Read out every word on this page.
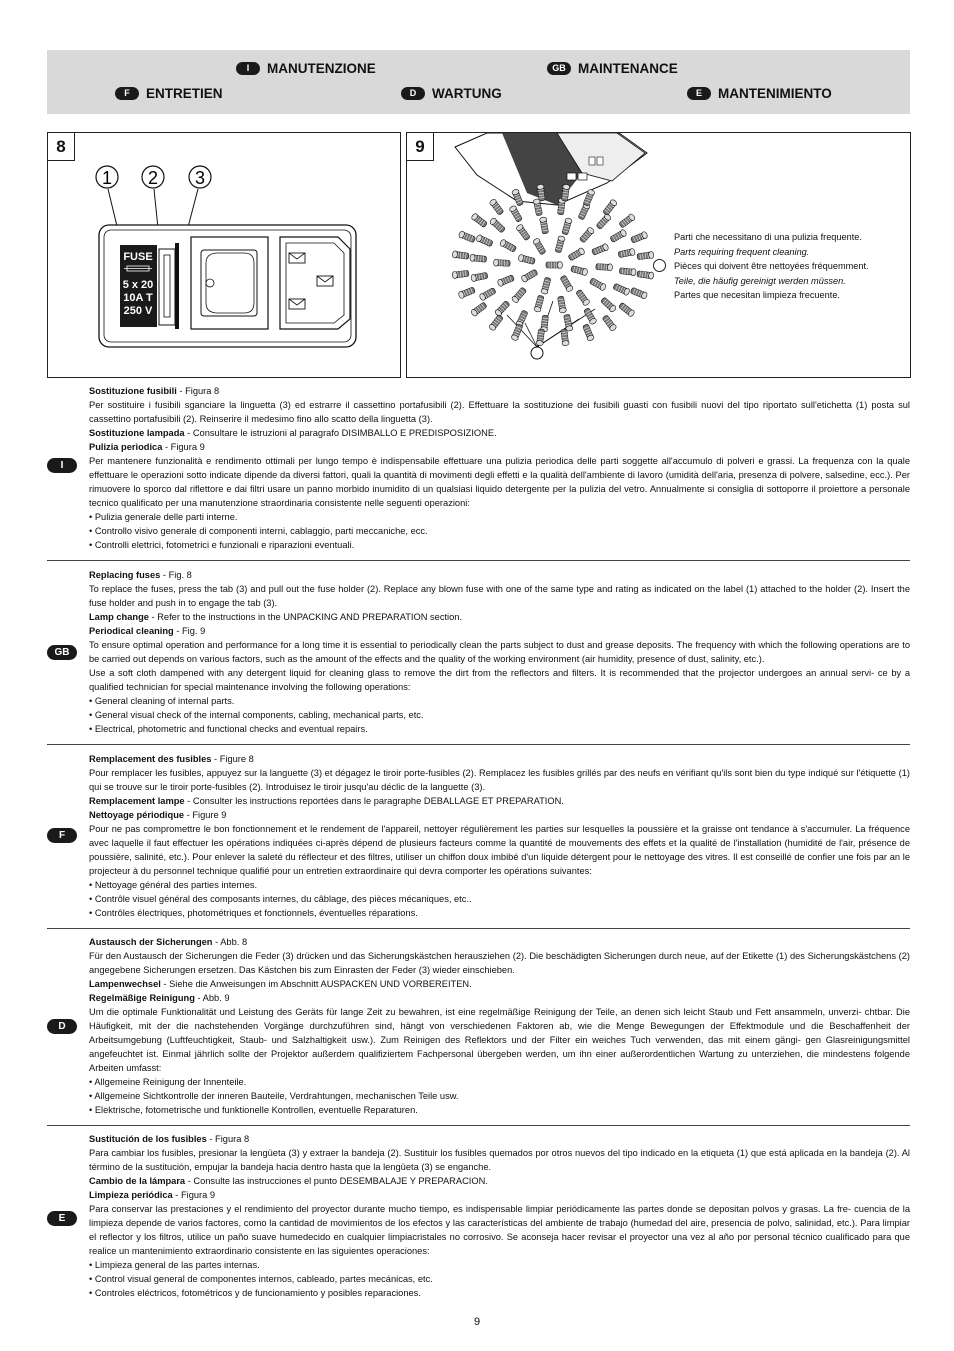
I	MANUTENZIONE	GB MAINTENANCE
F	ENTRETIEN	D	WARTUNG	E	MANTENIMIENTO
1 2 3
FUSE
5 x 20
10A T
250 V
8	9
Parti che necessitano di una pulizia frequente.
Parts requiring frequent cleaning.
Pièces qui doivent être nettoyées fréquemment.
Teile, die häufig gereinigt werden müssen.
Partes que necesitan limpieza frecuente.
I

Sostituzione fusibili - Figura 8

Per sostituire i fusibili sganciare la linguetta (3) ed estrarre il cassettino portafusibili (2). Effettuare la sostituzione dei fusibili guasti con fusibili nuovi del tipo riportato sull'etichetta (1) posta sul cassettino portafusibili (2). Reinserire il medesimo fino allo scatto della linguetta (3).

Sostituzione lampada - Consultare le istruzioni al paragrafo DISIMBALLO E PREDISPOSIZIONE.

Pulizia periodica - Figura 9

Per mantenere funzionalità e rendimento ottimali per lungo tempo è indispensabile effettuare una pulizia periodica delle parti soggette all'accumulo di polveri e grassi. La frequenza con la quale effettuare le operazioni sotto indicate dipende da diversi fattori, quali la quantità di movimenti degli effetti e la qualità dell'ambiente di lavoro (umidità dell'aria, presenza di polvere, salsedine, ecc.). Per rimuovere lo sporco dal riflettore e dai filtri usare un panno morbido inumidito di un qualsiasi liquido detergente per la pulizia del vetro. Annualmente si consiglia di sottoporre il proiettore a personale tecnico qualificato per una manutenzione straordinaria consistente nelle seguenti operazioni:

• Pulizia generale delle parti interne.

• Controllo visivo generale di componenti interni, cablaggio, parti meccaniche, ecc.

• Controlli elettrici, fotometrici e funzionali e riparazioni eventuali.

GB

Replacing fuses - Fig. 8

To replace the fuses, press the tab (3) and pull out the fuse holder (2). Replace any blown fuse with one of the same type and rating as indicated on the label (1) attached to the holder (2). Insert the fuse holder and push in to engage the tab (3).

Lamp change - Refer to the instructions in the UNPACKING AND PREPARATION section.

Periodical cleaning - Fig. 9

To ensure optimal operation and performance for a long time it is essential to periodically clean the parts subject to dust and grease deposits. The frequency with which the following operations are to be carried out depends on various factors, such as the amount of the effects and the quality of the working environment (air humidity, presence of dust, salinity, etc.).

Use a soft cloth dampened with any detergent liquid for cleaning glass to remove the dirt from the reflectors and filters. It is recommended that the projector undergoes an annual servi- ce by a qualified technician for special maintenance involving the following operations:

• General cleaning of internal parts.

• General visual check of the internal components, cabling, mechanical parts, etc.

• Electrical, photometric and functional checks and eventual repairs.

F

Remplacement des fusibles - Figure 8

Pour remplacer les fusibles, appuyez sur la languette (3) et dégagez le tiroir porte-fusibles (2). Remplacez les fusibles grillés par des neufs en vérifiant qu'ils sont bien du type indiqué sur l'étiquette (1) qui se trouve sur le tiroir porte-fusibles (2). Introduisez le tiroir jusqu'au déclic de la languette (3).

Remplacement lampe - Consulter les instructions reportées dans le paragraphe DEBALLAGE ET PREPARATION.

Nettoyage périodique - Figure 9

Pour ne pas compromettre le bon fonctionnement et le rendement de l'appareil, nettoyer régulièrement les parties sur lesquelles la poussière et la graisse ont tendance à s'accumuler. La fréquence avec laquelle il faut effectuer les opérations indiquées ci-après dépend de plusieurs facteurs comme la quantité de mouvements des effets et la qualité de l'installation (humidité de l'air, présence de poussière, salinité, etc.). Pour enlever la saleté du réflecteur et des filtres, utiliser un chiffon doux imbibé d'un liquide détergent pour le nettoyage des vitres. Il est conseillé de confier une fois par an le projecteur à du personnel technique qualifié pour un entretien extraordinaire qui devra comporter les opérations suivantes:

• Nettoyage général des parties internes.

• Contrôle visuel général des composants internes, du câblage, des pièces mécaniques, etc..

• Contrôles électriques, photométriques et fonctionnels, éventuelles réparations.

D

Austausch der Sicherungen - Abb. 8

Für den Austausch der Sicherungen die Feder (3) drücken und das Sicherungskästchen herausziehen (2). Die beschädigten Sicherungen durch neue, auf der Etikette (1) des Sicherungskästchens (2) angegebene Sicherungen ersetzen. Das Kästchen bis zum Einrasten der Feder (3) wieder einschieben.

Lampenwechsel - Siehe die Anweisungen im Abschnitt AUSPACKEN UND VORBEREITEN.

Regelmäßige Reinigung - Abb. 9

Um die optimale Funktionalität und Leistung des Geräts für lange Zeit zu bewahren, ist eine regelmäßige Reinigung der Teile, an denen sich leicht Staub und Fett ansammeln, unverzi- chtbar. Die Häufigkeit, mit der die nachstehenden Vorgänge durchzuführen sind, hängt von verschiedenen Faktoren ab, wie die Menge Bewegungen der Effektmodule und die Beschaffenheit der Arbeitsumgebung (Luftfeuchtigkeit, Staub- und Salzhaltigkeit usw.). Zum Reinigen des Reflektors und der Filter ein weiches Tuch verwenden, das mit einem gängi- gen Glasreinigungsmittel angefeuchtet ist. Einmal jährlich sollte der Projektor außerdem qualifiziertem Fachpersonal übergeben werden, um ihn einer außerordentlichen Wartung zu unterziehen, die mindestens folgende Arbeiten umfasst:

• Allgemeine Reinigung der Innenteile.

• Allgemeine Sichtkontrolle der inneren Bauteile, Verdrahtungen, mechanischen Teile usw.

• Elektrische, fotometrische und funktionelle Kontrollen, eventuelle Reparaturen.

E

Sustitución de los fusibles - Figura 8

Para cambiar los fusibles, presionar la lengüeta (3) y extraer la bandeja (2). Sustituir los fusibles quemados por otros nuevos del tipo indicado en la etiqueta (1) que está aplicada en la bandeja (2). Al término de la sustitución, empujar la bandeja hacia dentro hasta que la lengüeta (3) se enganche.

Cambio de la lámpara - Consulte las instrucciones el punto DESEMBALAJE Y PREPARACION.

Limpieza periódica - Figura 9

Para conservar las prestaciones y el rendimiento del proyector durante mucho tiempo, es indispensable limpiar periódicamente las partes donde se depositan polvos y grasas. La fre- cuencia de la limpieza depende de varios factores, como la cantidad de movimientos de los efectos y las características del ambiente de trabajo (humedad del aire, presencia de polvo, salinidad, etc.). Para limpiar el reflector y los filtros, utilice un paño suave humedecido en cualquier limpiacristales no corrosivo. Se aconseja hacer revisar el proyector una vez al año por personal técnico cualificado para que realice un mantenimiento extraordinario consistente en las siguientes operaciones:

• Limpieza general de las partes internas.

• Control visual general de componentes internos, cableado, partes mecánicas, etc.

• Controles eléctricos, fotométricos y de funcionamiento y posibles reparaciones.

9
